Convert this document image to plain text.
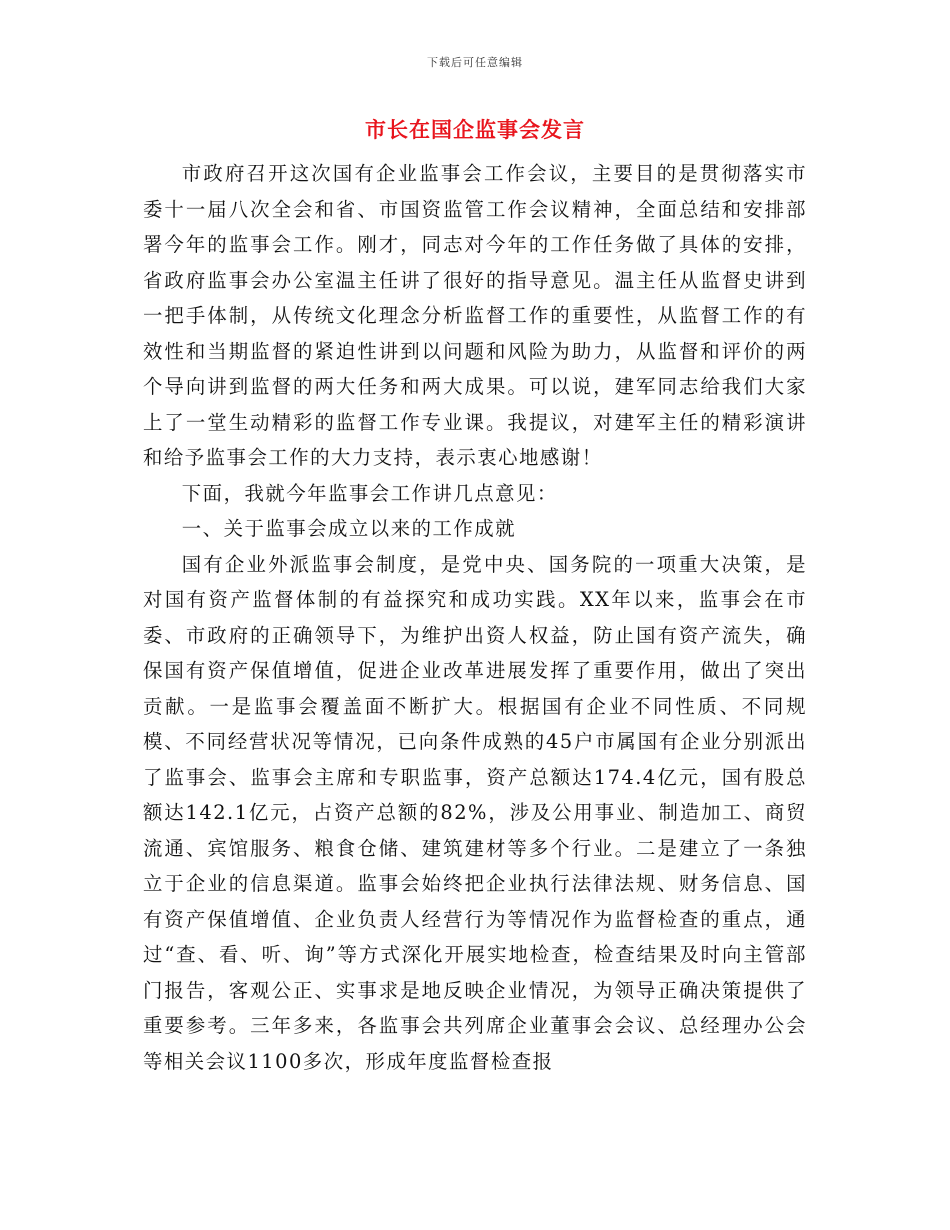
下载后可任意编辑
市长在国企监事会发言

市政府召开这次国有企业监事会工作会议，主要目的是贯彻落实市委十一届八次全会和省、市国资监管工作会议精神，全面总结和安排部署今年的监事会工作。刚才，同志对今年的工作任务做了具体的安排，省政府监事会办公室温主任讲了很好的指导意见。温主任从监督史讲到一把手体制，从传统文化理念分析监督工作的重要性，从监督工作的有效性和当期监督的紧迫性讲到以问题和风险为助力，从监督和评价的两个导向讲到监督的两大任务和两大成果。可以说，建军同志给我们大家上了一堂生动精彩的监督工作专业课。我提议，对建军主任的精彩演讲和给予监事会工作的大力支持，表示衷心地感谢！

下面，我就今年监事会工作讲几点意见：

一、关于监事会成立以来的工作成就

国有企业外派监事会制度，是党中央、国务院的一项重大决策，是对国有资产监督体制的有益探究和成功实践。XX年以来，监事会在市委、市政府的正确领导下，为维护出资人权益，防止国有资产流失，确保国有资产保值增值，促进企业改革进展发挥了重要作用，做出了突出贡献。一是监事会覆盖面不断扩大。根据国有企业不同性质、不同规模、不同经营状况等情况，已向条件成熟的45户市属国有企业分别派出了监事会、监事会主席和专职监事，资产总额达174.4亿元，国有股总额达142.1亿元，占资产总额的82%，涉及公用事业、制造加工、商贸流通、宾馆服务、粮食仓储、建筑建材等多个行业。二是建立了一条独立于企业的信息渠道。监事会始终把企业执行法律法规、财务信息、国有资产保值增值、企业负责人经营行为等情况作为监督检查的重点，通过“查、看、听、询”等方式深化开展实地检查，检查结果及时向主管部门报告，客观公正、实事求是地反映企业情况，为领导正确决策提供了重要参考。三年多来，各监事会共列席企业董事会会议、总经理办公会等相关会议1100多次，形成年度监督检查报
